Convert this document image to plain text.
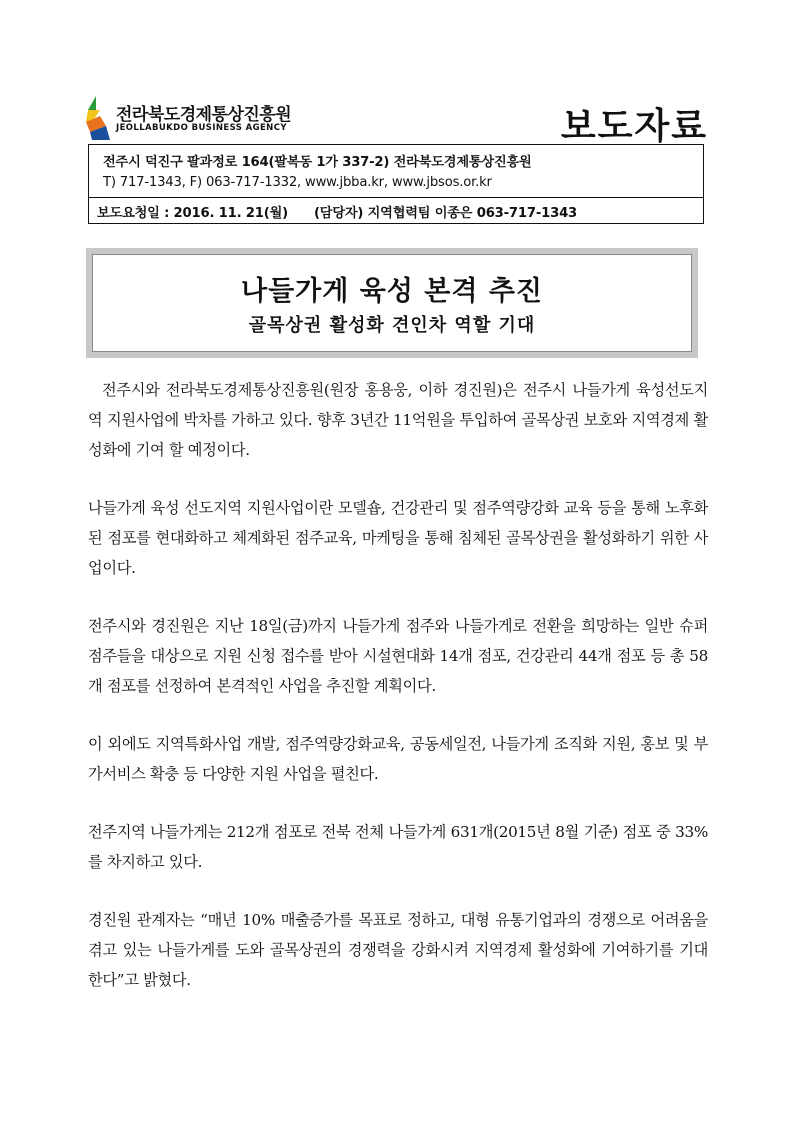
전라북도경제통상진흥원
JEOLLABUKDO BUSINESS AGENCY	보도자료
전주시 덕진구 팔과정로 164(팔복동 1가 337-2) 전라북도경제통상진흥원
T) 717-1343, F) 063-717-1332, www.jbba.kr, www.jbsos.or.kr
보도요청일 : 2016. 11. 21(월) (담당자) 지역협력팀 이종은 063-717-1343
나들가게 육성 본격 추진
골목상권 활성화 견인차 역할 기대

전주시와 전라북도경제통상진흥원(원장 홍용웅, 이하 경진원)은 전주시 나들가게 육성선도지역 지원사업에 박차를 가하고 있다. 향후 3년간 11억원을 투입하여 골목상권 보호와 지역경제 활성화에 기여 할 예정이다.

나들가게 육성 선도지역 지원사업이란 모델숍, 건강관리 및 점주역량강화 교육 등을 통해 노후화된 점포를 현대화하고 체계화된 점주교육, 마케팅을 통해 침체된 골목상권을 활성화하기 위한 사업이다.

전주시와 경진원은 지난 18일(금)까지 나들가게 점주와 나들가게로 전환을 희망하는 일반 슈퍼 점주들을 대상으로 지원 신청 접수를 받아 시설현대화 14개 점포, 건강관리 44개 점포 등 총 58개 점포를 선정하여 본격적인 사업을 추진할 계획이다.

이 외에도 지역특화사업 개발, 점주역량강화교육, 공동세일전, 나들가게 조직화 지원, 홍보 및 부가서비스 확충 등 다양한 지원 사업을 펼친다.

전주지역 나들가게는 212개 점포로 전북 전체 나들가게 631개(2015년 8월 기준) 점포 중 33%를 차지하고 있다.

경진원 관계자는 “매년 10% 매출증가를 목표로 정하고, 대형 유통기업과의 경쟁으로 어려움을 겪고 있는 나들가게를 도와 골목상권의 경쟁력을 강화시켜 지역경제 활성화에 기여하기를 기대한다”고 밝혔다.
